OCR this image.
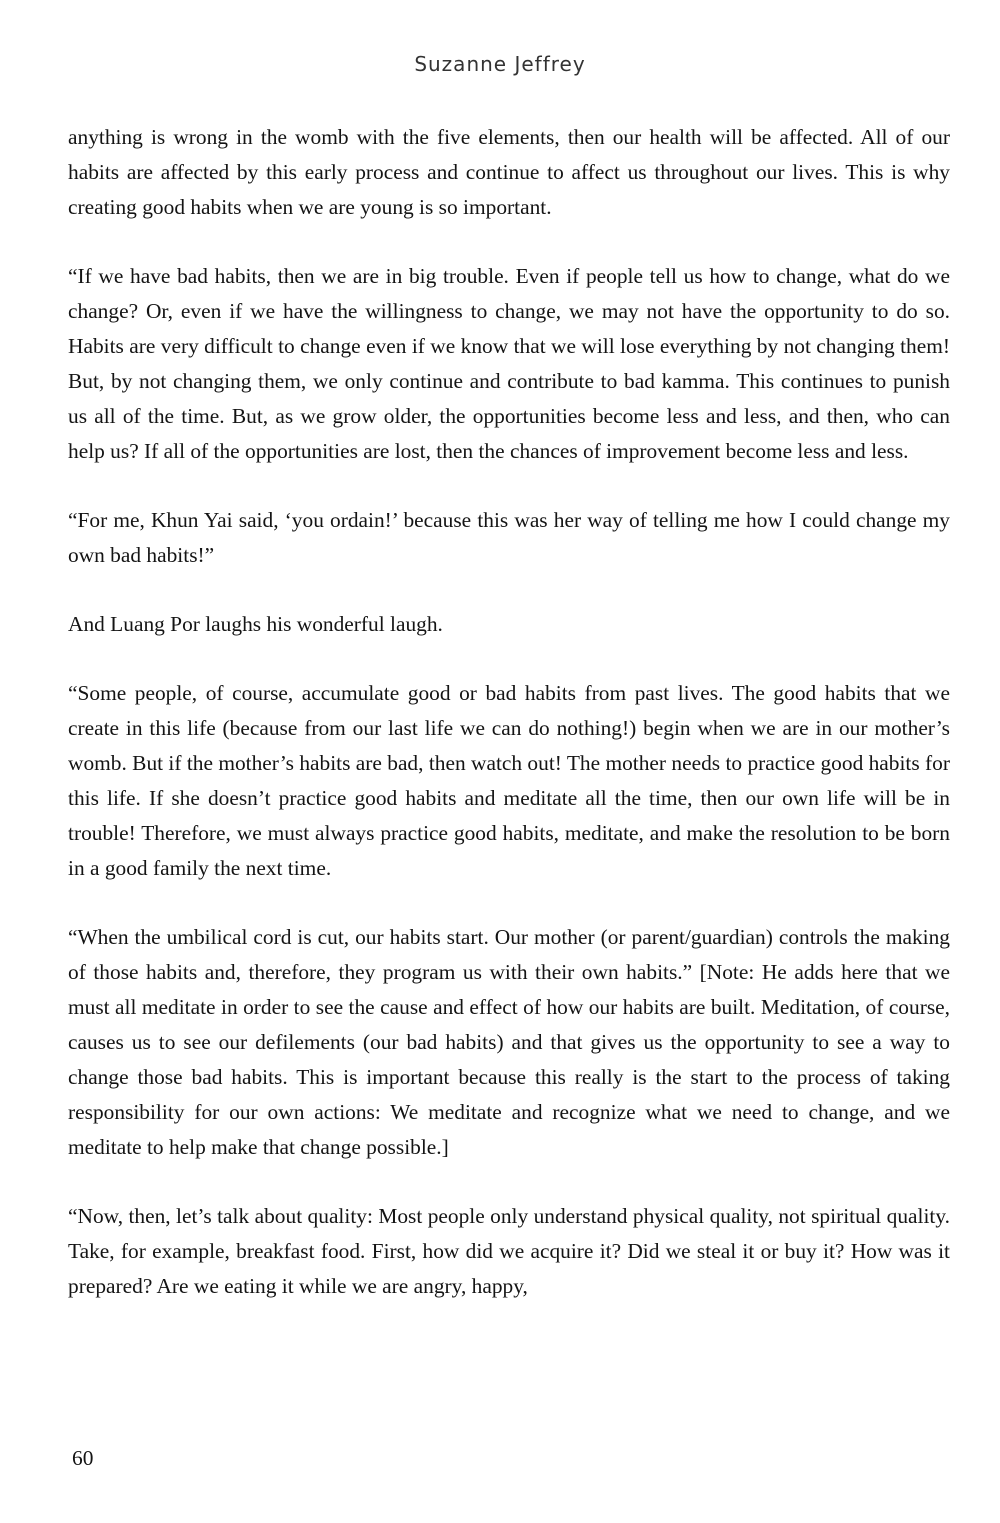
Suzanne Jeffrey

anything is wrong in the womb with the five elements, then our health will be affected. All of our habits are affected by this early process and continue to affect us throughout our lives. This is why creating good habits when we are young is so important.

“If we have bad habits, then we are in big trouble. Even if people tell us how to change, what do we change? Or, even if we have the willingness to change, we may not have the opportunity to do so. Habits are very difficult to change even if we know that we will lose everything by not changing them! But, by not changing them, we only continue and contribute to bad kamma. This continues to punish us all of the time. But, as we grow older, the opportunities become less and less, and then, who can help us? If all of the opportunities are lost, then the chances of improvement become less and less.

“For me, Khun Yai said, ‘you ordain!’ because this was her way of telling me how I could change my own bad habits!”

And Luang Por laughs his wonderful laugh.

“Some people, of course, accumulate good or bad habits from past lives. The good habits that we create in this life (because from our last life we can do nothing!) begin when we are in our mother’s womb. But if the mother’s habits are bad, then watch out! The mother needs to practice good habits for this life. If she doesn’t practice good habits and meditate all the time, then our own life will be in trouble! Therefore, we must always practice good habits, meditate, and make the resolution to be born in a good family the next time.

“When the umbilical cord is cut, our habits start. Our mother (or parent/guardian) controls the making of those habits and, therefore, they program us with their own habits.” [Note: He adds here that we must all meditate in order to see the cause and effect of how our habits are built. Meditation, of course, causes us to see our defilements (our bad habits) and that gives us the opportunity to see a way to change those bad habits. This is important because this really is the start to the process of taking responsibility for our own actions: We meditate and recognize what we need to change, and we meditate to help make that change possible.]

“Now, then, let’s talk about quality: Most people only understand physical quality, not spiritual quality. Take, for example, breakfast food. First, how did we acquire it? Did we steal it or buy it? How was it prepared? Are we eating it while we are angry, happy,

60
